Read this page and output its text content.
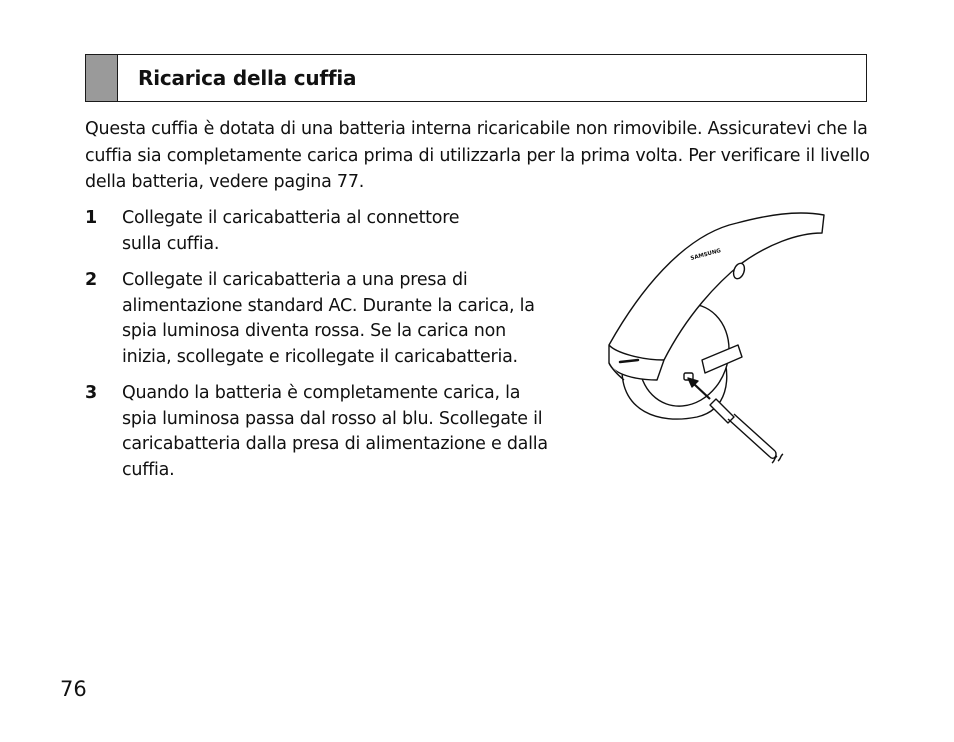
Ricarica della cuffia

Questa cuffia è dotata di una batteria interna ricaricabile non rimovibile. Assicuratevi che la cuffia sia completamente carica prima di utilizzarla per la prima volta. Per verificare il livello della batteria, vedere pagina 77.

1	Collegate il caricabatteria al connettore sulla cuffia.
2	Collegate il caricabatteria a una presa di alimentazione standard AC. Durante la carica, la spia luminosa diventa rossa. Se la carica non inizia, scollegate e ricollegate il caricabatteria.
3	Quando la batteria è completamente carica, la spia luminosa passa dal rosso al blu. Scollegate il caricabatteria dalla presa di alimentazione e dalla cuffia.
SAMSUNG
76
